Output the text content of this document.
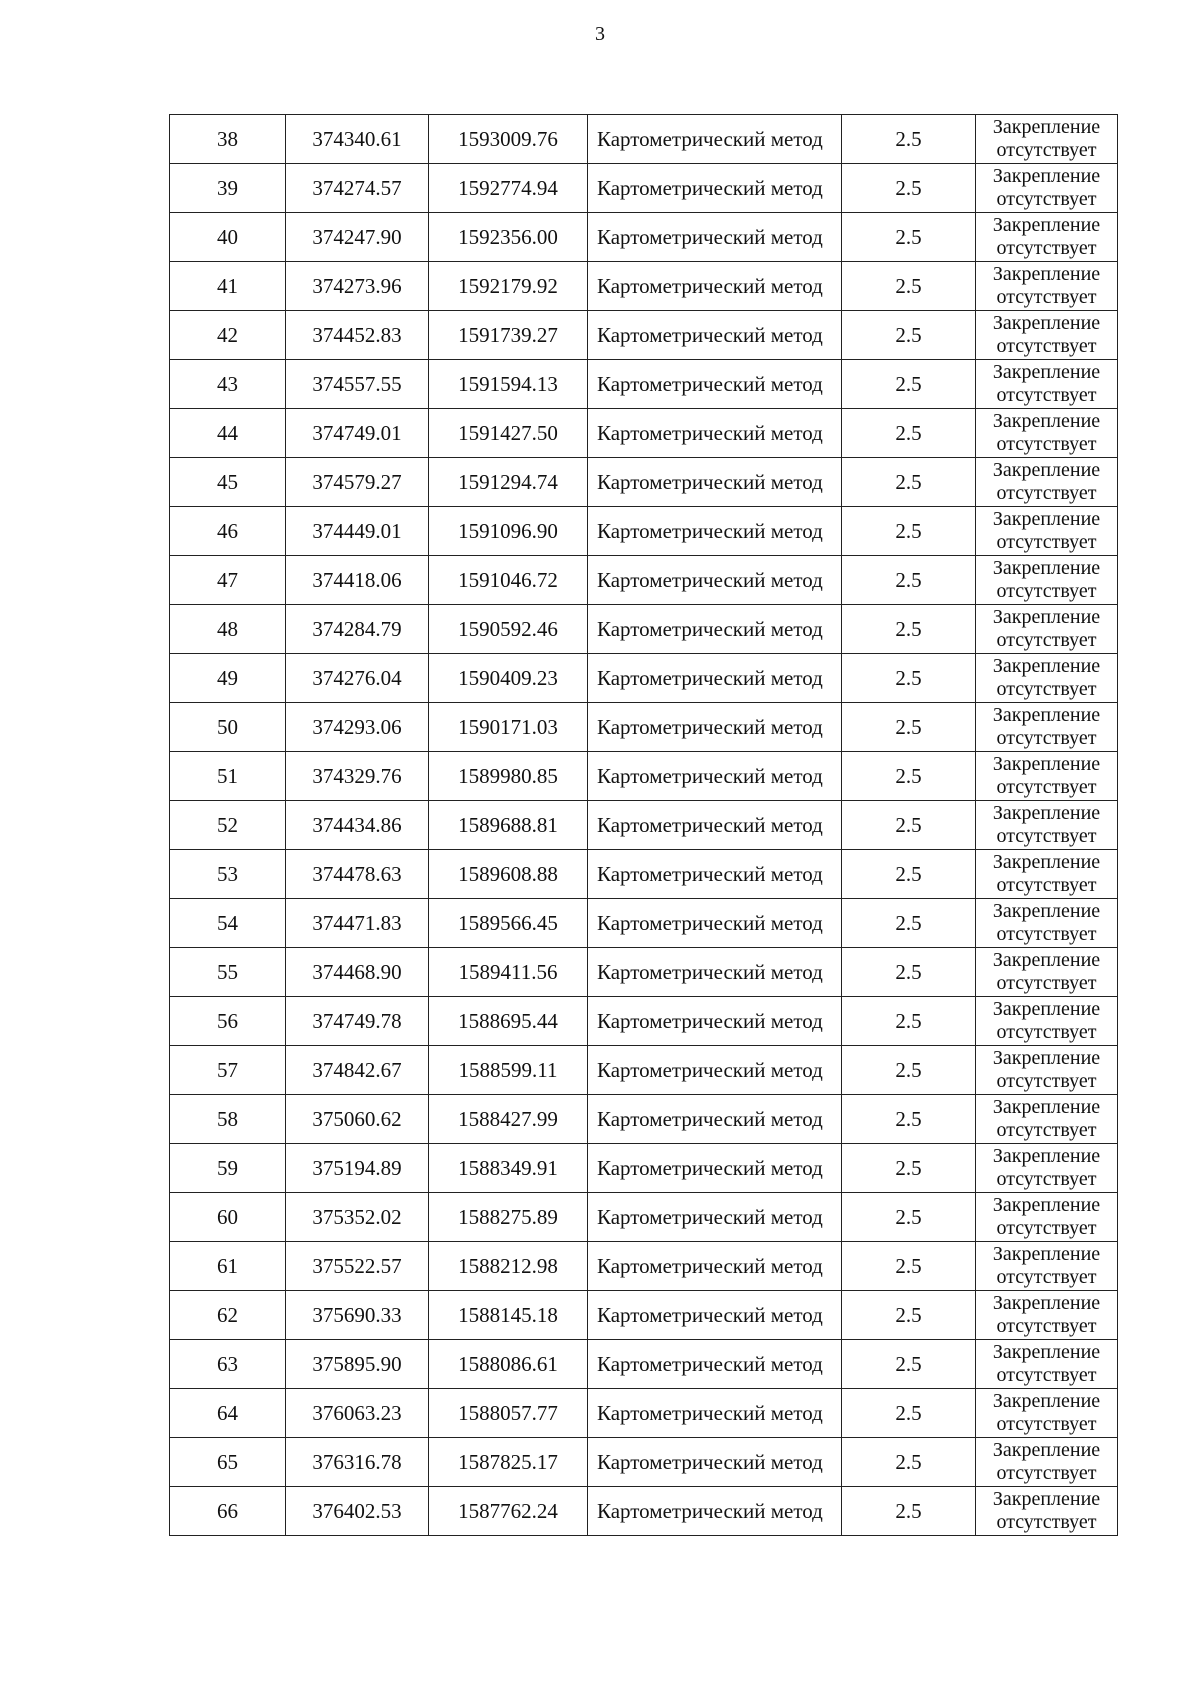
3
38	374340.61	1593009.76	Картометрический метод	2.5	Закрепление
отсутствует

39	374274.57	1592774.94	Картометрический метод	2.5	Закрепление
отсутствует

40	374247.90	1592356.00	Картометрический метод	2.5	Закрепление
отсутствует

41	374273.96	1592179.92	Картометрический метод	2.5	Закрепление
отсутствует

42	374452.83	1591739.27	Картометрический метод	2.5	Закрепление
отсутствует

43	374557.55	1591594.13	Картометрический метод	2.5	Закрепление
отсутствует

44	374749.01	1591427.50	Картометрический метод	2.5	Закрепление
отсутствует

45	374579.27	1591294.74	Картометрический метод	2.5	Закрепление
отсутствует

46	374449.01	1591096.90	Картометрический метод	2.5	Закрепление
отсутствует

47	374418.06	1591046.72	Картометрический метод	2.5	Закрепление
отсутствует

48	374284.79	1590592.46	Картометрический метод	2.5	Закрепление
отсутствует

49	374276.04	1590409.23	Картометрический метод	2.5	Закрепление
отсутствует

50	374293.06	1590171.03	Картометрический метод	2.5	Закрепление
отсутствует

51	374329.76	1589980.85	Картометрический метод	2.5	Закрепление
отсутствует

52	374434.86	1589688.81	Картометрический метод	2.5	Закрепление
отсутствует

53	374478.63	1589608.88	Картометрический метод	2.5	Закрепление
отсутствует

54	374471.83	1589566.45	Картометрический метод	2.5	Закрепление
отсутствует

55	374468.90	1589411.56	Картометрический метод	2.5	Закрепление
отсутствует

56	374749.78	1588695.44	Картометрический метод	2.5	Закрепление
отсутствует

57	374842.67	1588599.11	Картометрический метод	2.5	Закрепление
отсутствует

58	375060.62	1588427.99	Картометрический метод	2.5	Закрепление
отсутствует

59	375194.89	1588349.91	Картометрический метод	2.5	Закрепление
отсутствует

60	375352.02	1588275.89	Картометрический метод	2.5	Закрепление
отсутствует

61	375522.57	1588212.98	Картометрический метод	2.5	Закрепление
отсутствует

62	375690.33	1588145.18	Картометрический метод	2.5	Закрепление
отсутствует

63	375895.90	1588086.61	Картометрический метод	2.5	Закрепление
отсутствует

64	376063.23	1588057.77	Картометрический метод	2.5	Закрепление
отсутствует

65	376316.78	1587825.17	Картометрический метод	2.5	Закрепление
отсутствует

66	376402.53	1587762.24	Картометрический метод	2.5	Закрепление
отсутствует
